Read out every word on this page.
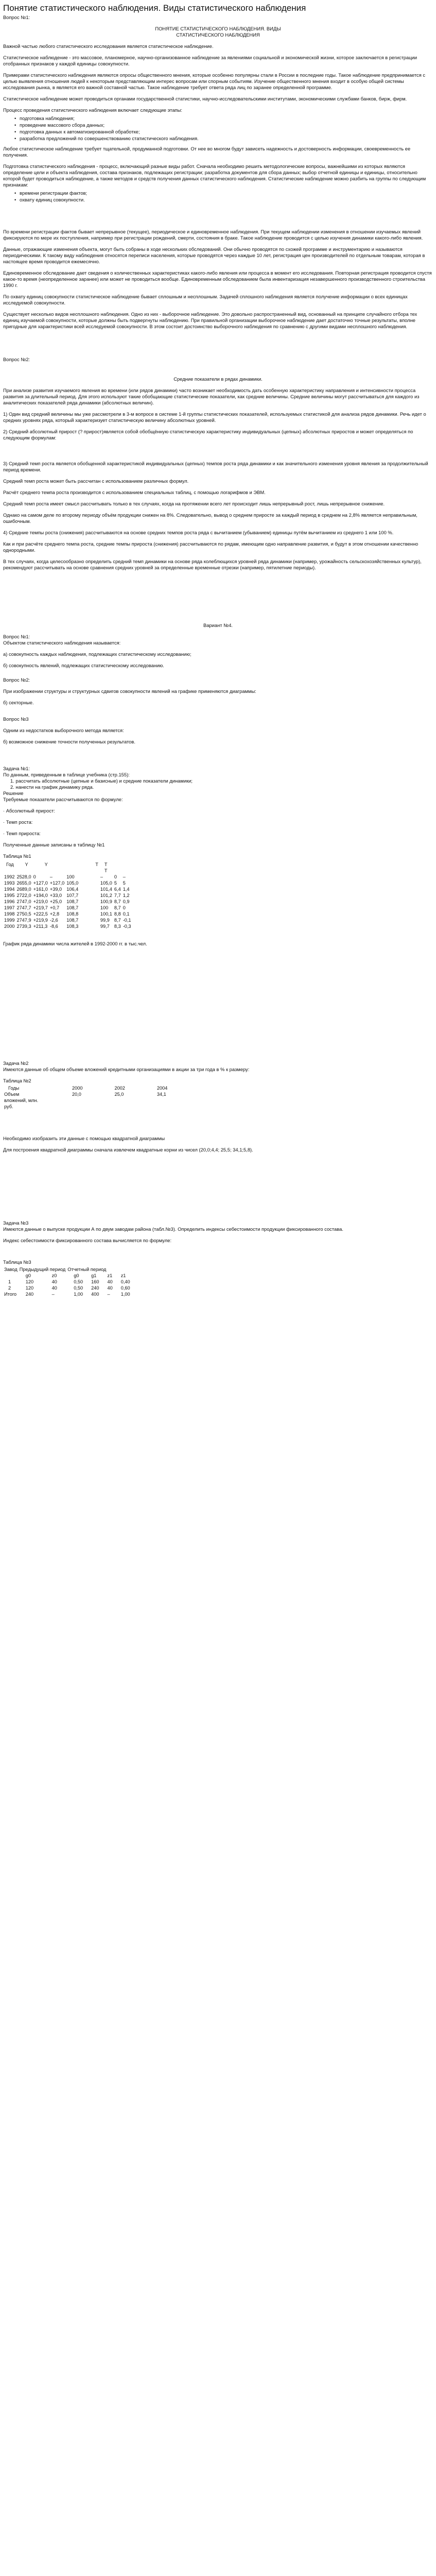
Понятие статистического наблюдения. Виды статистического наблюдения

Вопрос №1:

ПОНЯТИЕ СТАТИСТИЧЕСКОГО НАБЛЮДЕНИЯ. ВИДЫ

СТАТИСТИЧЕСКОГО НАБЛЮДЕНИЯ

Важной частью любого статистического исследования является статистическое наблюдение.

Статистическое наблюдение - это массовое, планомерное, научно-организованное наблюдение за явлениями социальной и экономической жизни, которое заключается в регистрации отобранных признаков у каждой единицы совокупности.

Примерами статистического наблюдения являются опросы общественного мнения, которые особенно популярны стали в России в последние годы. Такое наблюдение предпринимается с целью выявления отношения людей к некоторым представляющим интерес вопросам или спорным событиям. Изучение общественного мнения входит в особую общей системы исследования рынка, в является его важной составной частью. Такое наблюдение требует ответа ряда лиц по заранее определенной программе.

Статистическое наблюдение может проводиться органами государственной статистики, научно-исследовательскими институтами, экономическими службами банков, бирж, фирм.

Процесс проведения статистического наблюдения включает следующие этапы:

• подготовка наблюдения;
• проведение массового сбора данных;
• подготовка данных к автоматизированной обработке;
• разработка предложений по совершенствованию статистического наблюдения.

Любое статистическое наблюдение требует тщательной, продуманной подготовки. От нее во многом будут зависеть надежность и достоверность информации, своевременность ее получения.

Подготовка статистического наблюдения - процесс, включающий разные виды работ. Сначала необходимо решить методологические вопросы, важнейшими из которых являются определение цели и объекта наблюдения, состава признаков, подлежащих регистрации; разработка документов для сбора данных; выбор отчетной единицы и единицы, относительно которой будет проводиться наблюдение, а также методов и средств получения данных статистического наблюдения. Статистические наблюдение можно разбить на группы по следующим признакам:

• времени регистрации фактов;
• охвату единиц совокупности.

По времени регистрации фактов бывает непрерывное (текущее), периодическое и единовременное наблюдения. При текущем наблюдении изменения в отношении изучаемых явлений фиксируются по мере их поступления, например при регистрации рождений, смерти, состояния в браке. Такое наблюдение проводится с целью изучения динамики какого-либо явления.

Данные, отражающие изменения объекта, могут быть собраны в ходе нескольких обследований. Они обычно проводятся по схожей программе и инструментарию и называются периодическими. К такому виду наблюдения относятся переписи населения, которые проводятся через каждые 10 лет, регистрация цен производителей по отдельным товарам, которая в настоящее время проводится ежемесячно.

Единовременное обследование дает сведения о количественных характеристиках какого-либо явления или процесса в момент его исследования. Повторная регистрация проводится спустя какое-то время (неопределенное заранее) или может не проводиться вообще. Единовременным обследованием была инвентаризация незавершенного производственного строительства 1990 г.

По охвату единиц совокупности статистическое наблюдение бывает сплошным и несплошным. Задачей сплошного наблюдения является получение информации о всех единицах исследуемой совокупности.

Существует несколько видов несплошного наблюдения. Одно из них - выборочное наблюдение. Это довольно распространенный вид, основанный на принципе случайного отбора тех единиц изучаемой совокупности, которые должны быть подвергнуты наблюдению. При правильной организации выборочное наблюдение дает достаточно точные результаты, вполне пригодные для характеристики всей исследуемой совокупности. В этом состоит достоинство выборочного наблюдения по сравнению с другими видами несплошного наблюдения.

Вопрос №2:

Средние показатели в рядах динамики.

При анализе развития изучаемого явления во времени (или рядов динамики) часто возникает необходимость дать особенную характеристику направления и интенсивности процесса развития за длительный период. Для этого используют такие обобщающие статистические показатели, как средние величины. Средние величины могут рассчитываться для каждого из аналитических показателей ряда динамики (абсолютных величин).

1) Один вид средний величины мы уже рассмотрели в 3-м вопросе в системе 1-й группы статистических показателей, используемых статистикой для анализа рядов динамики. Речь идет о средних уровнях ряда, который характеризует статистическую величину абсолютных уровней.

2) Средний абсолютный прирост (? прирост)является собой обобщённую статистическую характеристику индивидуальных (цепных) абсолютных приростов и может определяться по следующим формулам:

3) Средний темп роста является обобщенной характеристикой индивидуальных (цепных) темпов роста ряда динамики и как значительного изменения уровня явления за продолжительный период времени.

Средний темп роста может быть рассчитан с использованием различных формул.

Расчёт среднего темпа роста производится с использованием специальных таблиц, с помощью логарифмов и ЭВМ.

Средний темп роста имеет смысл рассчитывать только в тех случаях, когда на протяжении всего лет происходит лишь непрерывный рост, лишь непрерывное снижение.

Однако на самом деле по второму периоду объём продукции снижен на 8%. Следовательно, вывод о среднем приросте за каждый период в среднем на 2,8% является неправильным, ошибочным.

4) Средние темпы роста (снижения) рассчитываются на основе средних темпов роста ряда с вычитанием (убыванием) единицы путём вычитанием из среднего 1 или 100 %.

Как и при расчёте среднего темпа роста, средние темпы прироста (снижения) рассчитываются по рядам, имеющим одно направление развития, и будут в этом отношении качественно однородными.

В тех случаях, когда целесообразно определить средний темп динамики на основе ряда колеблющихся уровней ряда динамики (например, урожайность сельскохозяйственных культур), рекомендуют рассчитывать на основе сравнения средних уровней за определенные временные отрезки (например, пятилетние периоды).

Вариант №4.

Вопрос №1:

Объектом статистического наблюдения называется:

а) совокупность каждых наблюдения, подлежащих статистическому исследованию;

б) совокупность явлений, подлежащих статистическому исследованию.

Вопрос №2:

При изображении структуры и структурных сдвигов совокупности явлений на графике применяются диаграммы:

б) секторные.

Вопрос №3

Одним из недостатков выборочного метода является:

б) возможное снижение точности полученных результатов.

Задача №1:

По данным, приведенным в таблице учебника (стр.155):

1. рассчитать абсолютные (цепные и базисные) и средние показатели динамики;

2. нанести на график динамику ряда.

Решение

Требуемые показатели рассчитываются по формуле:

· Абсолютный прирост:

· Темп роста:

· Темп прироста:

Полученные данные записаны в таблицу №1

Таблица №1

Год	Y	Y		Т	Т		
					Т		
1992	2528,0	0	–	100	–	0	–
1993	2655,0	+127,0	+127,0	105,0	105,0	5	5
1994	2689,0	+161,0	+39,0	106,4	101,4	6,4	1,4
1995	2722,0	+194,0	+33,0	107,7	101,2	7,7	1,2
1996	2747,0	+219,0	+25,0	108,7	100,9	8,7	0,9
1997	2747,7	+219,7	+0,7	108,7	100	8,7	0
1998	2750,5	+222,5	+2,8	108,8	100,1	8,8	0,1
1999	2747,9	+219,9	-2,6	108,7	99,9	8,7	-0,1
2000	2739,3	+211,3	-8,6	108,3	99,7	8,3	-0,3

График ряда динамики числа жителей в 1992-2000 гг. в тыс.чел.

Задача №2

Имеются данные об общем объеме вложений кредитными организациями в акции за три года в % к размеру:

Таблица №2

Годы	2000	2002	2004
Объем вложений, млн. руб.	20,0	25,0	34,1

Необходимо изобразить эти данные с помощью квадратной диаграммы

Для построения квадратной диаграммы сначала извлечем квадратные корни из чисел (20,0;4,4; 25,5; 34,1;5,8).

Задача №3

Имеются данные о выпуске продукции А по двум заводам района (табл.№3). Определить индексы себестоимости продукции фиксированного состава.

Индекс себестоимости фиксированного состава вычисляется по формуле:

Таблица №3

Завод	Предыдущий период		Отчетный период			
	g0	z0	g0	g1	z1	z1
1	120	40	0,50	160	40	0,40
2	120	40	0,50	240	40	0,60
Итого	240	–	1,00	400	–	1,00
